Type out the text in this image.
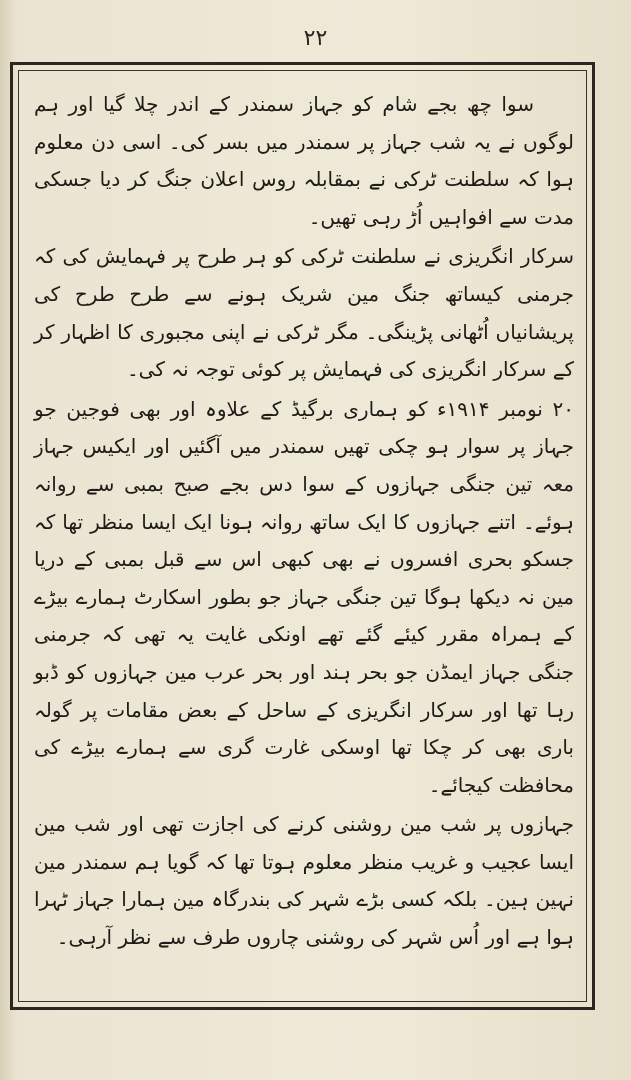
۲۲

سوا چھ بجے شام کو جہاز سمندر کے اندر چلا گیا اور ہم لوگوں نے یہ شب جہاز پر سمندر میں بسر کی۔ اسی دن معلوم ہوا کہ سلطنت ٹرکی نے بمقابلہ روس اعلان جنگ کر دیا جسکی مدت سے افواہیں اُڑ رہی تھیں۔

سرکار انگریزی نے سلطنت ٹرکی کو ہر طرح پر فہمایش کی کہ جرمنی کیساتھ جنگ مین شریک ہونے سے طرح طرح کی پریشانیاں اُٹھانی پڑینگی۔ مگر ٹرکی نے اپنی مجبوری کا اظہار کر کے سرکار انگریزی کی فہمایش پر کوئی توجہ نہ کی۔

۲۰ نومبر ۱۹۱۴ء کو ہماری برگیڈ کے علاوہ اور بھی فوجین جو جہاز پر سوار ہو چکی تھیں سمندر میں آگئیں اور ایکیس جہاز معہ تین جنگی جہازوں کے سوا دس بجے صبح بمبی سے روانہ ہوئے۔ اتنے جہازوں کا ایک ساتھ روانہ ہونا ایک ایسا منظر تھا کہ جسکو بحری افسروں نے بھی کبھی اس سے قبل بمبی کے دریا مین نہ دیکھا ہوگا تین جنگی جہاز جو بطور اسکارٹ ہمارے بیڑے کے ہمراہ مقرر کیئے گئے تھے اونکی غایت یہ تھی کہ جرمنی جنگی جہاز ایمڈن جو بحر ہند اور بحر عرب مین جہازوں کو ڈبو رہا تھا اور سرکار انگریزی کے ساحل کے بعض مقامات پر گولہ باری بھی کر چکا تھا اوسکی غارت گری سے ہمارے بیڑے کی محافظت کیجائے۔

جہازوں پر شب مین روشنی کرنے کی اجازت تھی اور شب مین ایسا عجیب و غریب منظر معلوم ہوتا تھا کہ گویا ہم سمندر مین نہین ہین۔ بلکہ کسی بڑے شہر کی بندرگاہ مین ہمارا جہاز ٹہرا ہوا ہے اور اُس شہر کی روشنی چاروں طرف سے نظر آرہی۔
